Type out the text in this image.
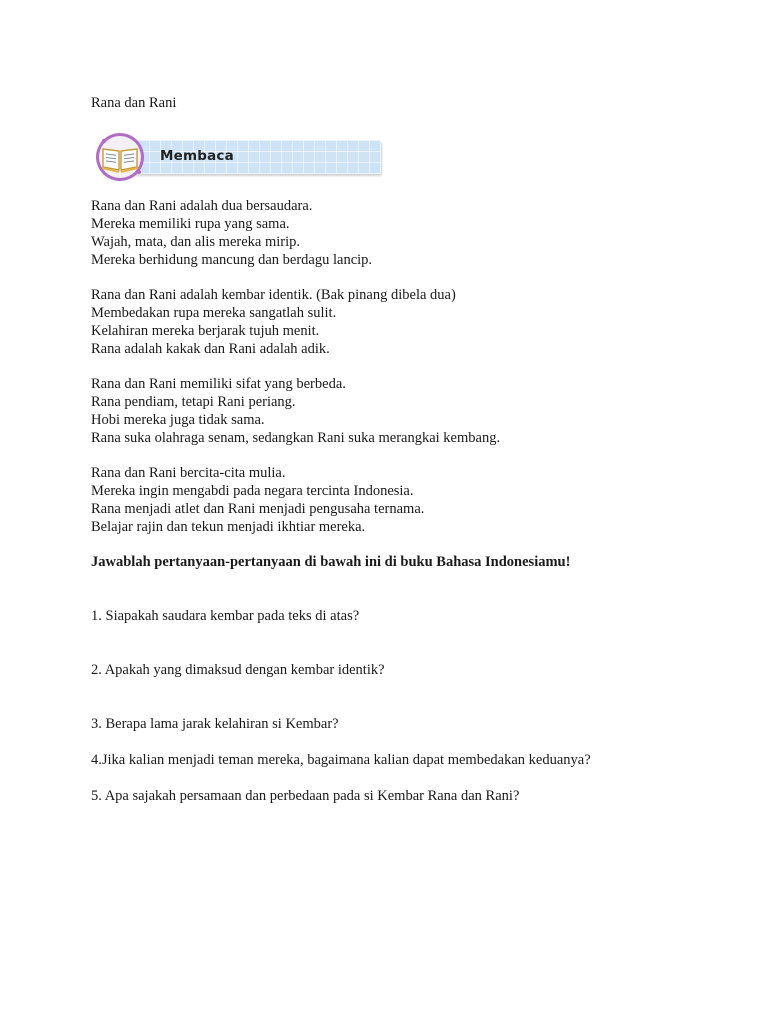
Rana dan Rani

Membaca

Rana dan Rani adalah dua bersaudara.
Mereka memiliki rupa yang sama.
Wajah, mata, dan alis mereka mirip.
Mereka berhidung mancung dan berdagu lancip.

Rana dan Rani adalah kembar identik. (Bak pinang dibela dua)
Membedakan rupa mereka sangatlah sulit.
Kelahiran mereka berjarak tujuh menit.
Rana adalah kakak dan Rani adalah adik.

Rana dan Rani memiliki sifat yang berbeda.
Rana pendiam, tetapi Rani periang.
Hobi mereka juga tidak sama.
Rana suka olahraga senam, sedangkan Rani suka merangkai kembang.

Rana dan Rani bercita-cita mulia.
Mereka ingin mengabdi pada negara tercinta Indonesia.
Rana menjadi atlet dan Rani menjadi pengusaha ternama.
Belajar rajin dan tekun menjadi ikhtiar mereka.

Jawablah pertanyaan-pertanyaan di bawah ini di buku Bahasa Indonesiamu!

1. Siapakah saudara kembar pada teks di atas?

2. Apakah yang dimaksud dengan kembar identik?

3. Berapa lama jarak kelahiran si Kembar?

4.Jika kalian menjadi teman mereka, bagaimana kalian dapat membedakan keduanya?

5. Apa sajakah persamaan dan perbedaan pada si Kembar Rana dan Rani?
